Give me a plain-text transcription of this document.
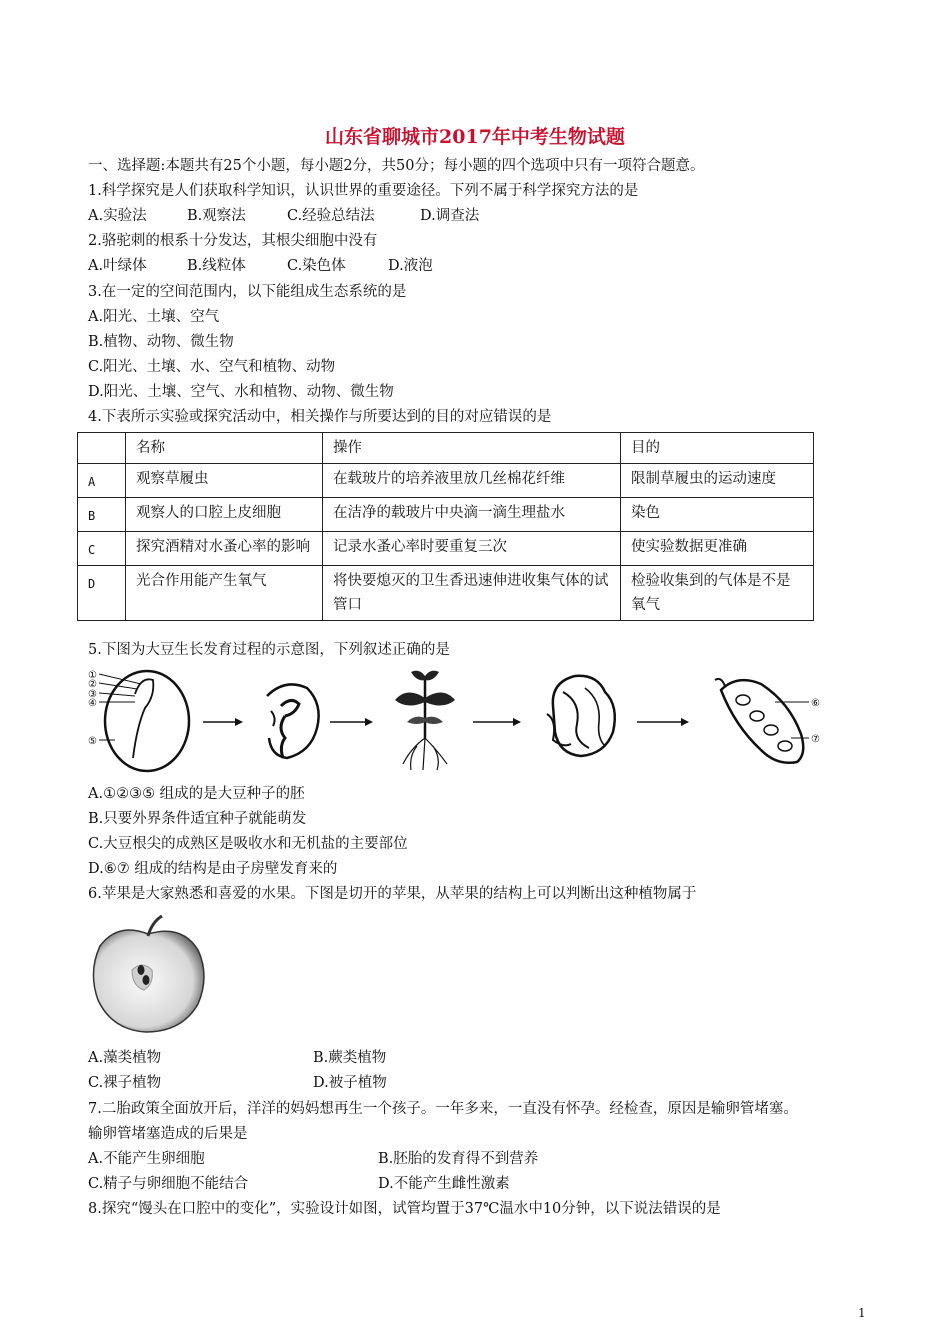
山东省聊城市2017年中考生物试题
一、选择题:本题共有25个小题，每小题2分，共50分；每小题的四个选项中只有一项符合题意。
1.科学探究是人们获取科学知识，认识世界的重要途径。下列不属于科学探究方法的是
A.实验法	B.观察法	C.经验总结法	D.调查法
2.骆驼刺的根系十分发达，其根尖细胞中没有
A.叶绿体	B.线粒体	C.染色体	D.液泡
3.在一定的空间范围内，以下能组成生态系统的是
A.阳光、土壤、空气
B.植物、动物、微生物
C.阳光、土壤、水、空气和植物、动物
D.阳光、土壤、空气、水和植物、动物、微生物
4.下表所示实验或探究活动中，相关操作与所要达到的目的对应错误的是
	名称	操作	目的
A	观察草履虫	在载玻片的培养液里放几丝棉花纤维	限制草履虫的运动速度
B	观察人的口腔上皮细胞	在洁净的载玻片中央滴一滴生理盐水	染色
C	探究酒精对水蚤心率的影响	记录水蚤心率时要重复三次	使实验数据更准确
D	光合作用能产生氧气	将快要熄灭的卫生香迅速伸进收集气体的试管口	检验收集到的气体是不是氧气
5.下图为大豆生长发育过程的示意图，下列叙述正确的是
①
②
③
④
⑤
⑥
⑦
A.①②③⑤ 组成的是大豆种子的胚
B.只要外界条件适宜种子就能萌发
C.大豆根尖的成熟区是吸收水和无机盐的主要部位
D.⑥⑦ 组成的结构是由子房壁发育来的
6.苹果是大家熟悉和喜爱的水果。下图是切开的苹果，从苹果的结构上可以判断出这种植物属于
A.藻类植物	B.蕨类植物
C.裸子植物	D.被子植物
7.二胎政策全面放开后，洋洋的妈妈想再生一个孩子。一年多来，一直没有怀孕。经检查，原因是输卵管堵塞。
输卵管堵塞造成的后果是
A.不能产生卵细胞	B.胚胎的发育得不到营养
C.精子与卵细胞不能结合	D.不能产生雌性激素
8.探究“馒头在口腔中的变化”，实验设计如图，试管均置于37℃温水中10分钟，以下说法错误的是
1
